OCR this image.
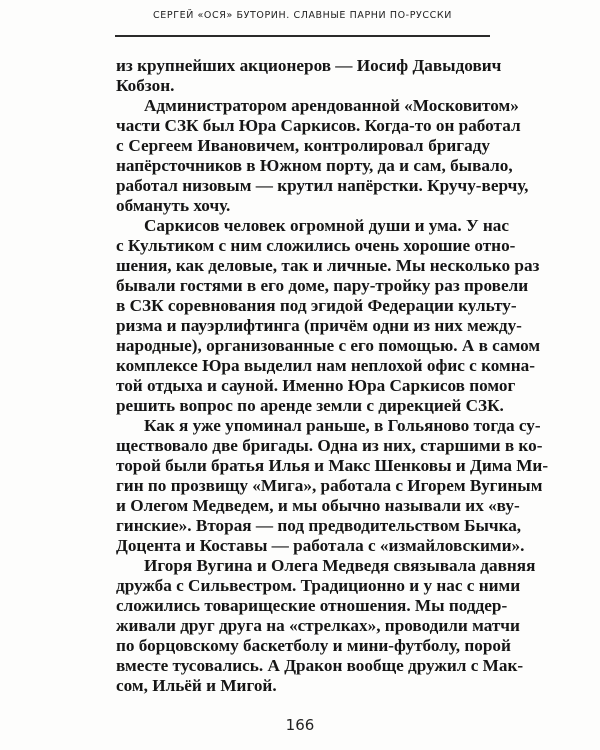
СЕРГЕЙ «ОСЯ» БУТОРИН. СЛАВНЫЕ ПАРНИ ПО-РУССКИ
из крупнейших акционеров — Иосиф Давыдович
Кобзон.
Администратором арендованной «Московитом»
части СЗК был Юра Саркисов. Когда-то он работал
с Сергеем Ивановичем, контролировал бригаду
напёрсточников в Южном порту, да и сам, бывало,
работал низовым — крутил напёрстки. Кручу-верчу,
обмануть хочу.
Саркисов человек огромной души и ума. У нас
с Культиком с ним сложились очень хорошие отно-
шения, как деловые, так и личные. Мы несколько раз
бывали гостями в его доме, пару-тройку раз провели
в СЗК соревнования под эгидой Федерации культу-
ризма и пауэрлифтинга (причём одни из них между-
народные), организованные с его помощью. А в самом
комплексе Юра выделил нам неплохой офис с комна-
той отдыха и сауной. Именно Юра Саркисов помог
решить вопрос по аренде земли с дирекцией СЗК.
Как я уже упоминал раньше, в Гольяново тогда су-
ществовало две бригады. Одна из них, старшими в ко-
торой были братья Илья и Макс Шенковы и Дима Ми-
гин по прозвищу «Мига», работала с Игорем Вугиным
и Олегом Медведем, и мы обычно называли их «ву-
гинские». Вторая — под предводительством Бычка,
Доцента и Коставы — работала с «измайловскими».
Игоря Вугина и Олега Медведя связывала давняя
дружба с Сильвестром. Традиционно и у нас с ними
сложились товарищеские отношения. Мы поддер-
живали друг друга на «стрелках», проводили матчи
по борцовскому баскетболу и мини-футболу, порой
вместе тусовались. А Дракон вообще дружил с Мак-
сом, Ильёй и Мигой.
166
